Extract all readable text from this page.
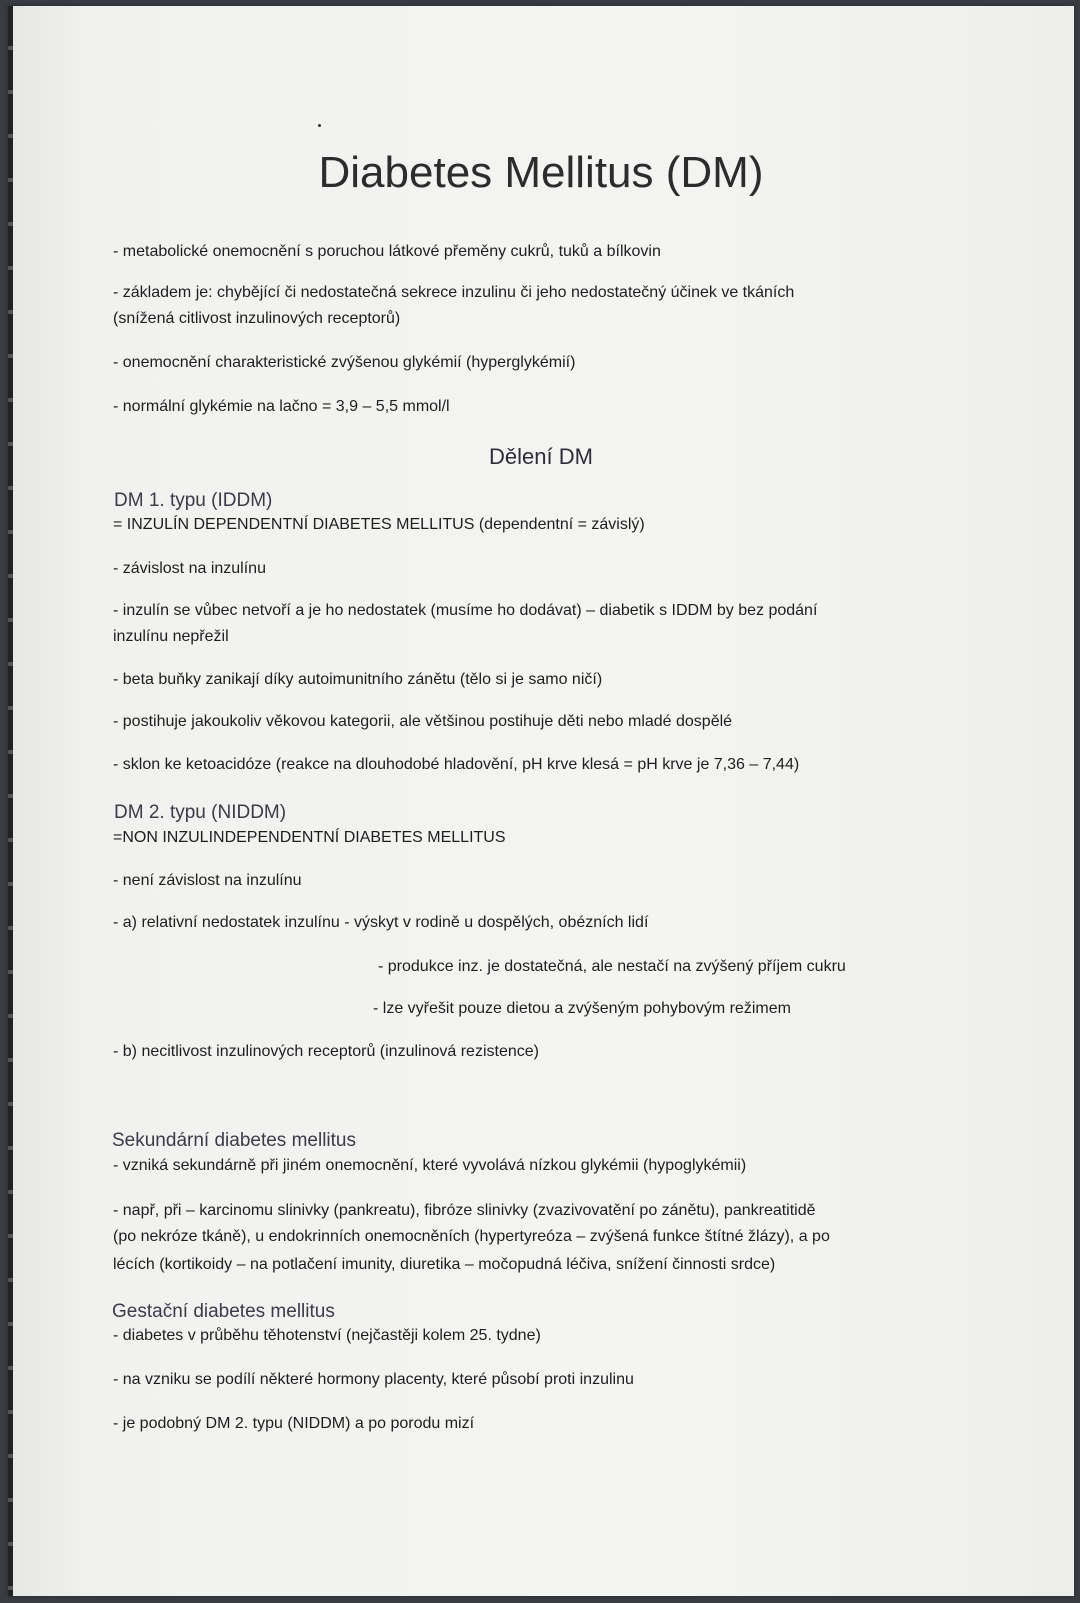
Diabetes Mellitus (DM)
- metabolické onemocnění s poruchou látkové přeměny cukrů, tuků a bílkovin
- základem je: chybějící či nedostatečná sekrece inzulinu či jeho nedostatečný účinek ve tkáních
(snížená citlivost inzulinových receptorů)
- onemocnění charakteristické zvýšenou glykémií (hyperglykémií)
- normální glykémie na lačno = 3,9 – 5,5 mmol/l
Dělení DM
DM 1. typu (IDDM)
= INZULÍN DEPENDENTNÍ DIABETES MELLITUS (dependentní = závislý)
- závislost na inzulínu
- inzulín se vůbec netvoří a je ho nedostatek (musíme ho dodávat) – diabetik s IDDM by bez podání
inzulínu nepřežil
- beta buňky zanikají díky autoimunitního zánětu (tělo si je samo ničí)
- postihuje jakoukoliv věkovou kategorii, ale většinou postihuje děti nebo mladé dospělé
- sklon ke ketoacidóze (reakce na dlouhodobé hladovění, pH krve klesá = pH krve je 7,36 – 7,44)
DM 2. typu (NIDDM)
=NON INZULINDEPENDENTNÍ DIABETES MELLITUS
- není závislost na inzulínu
- a) relativní nedostatek inzulínu - výskyt v rodině u dospělých, obézních lidí
- produkce inz. je dostatečná, ale nestačí na zvýšený příjem cukru
- lze vyřešit pouze dietou a zvýšeným pohybovým režimem
- b) necitlivost inzulinových receptorů (inzulinová rezistence)
Sekundární diabetes mellitus
- vzniká sekundárně při jiném onemocnění, které vyvolává nízkou glykémii (hypoglykémii)
- např, při – karcinomu slinivky (pankreatu), fibróze slinivky (zvazivovatění po zánětu), pankreatitidě
(po nekróze tkáně), u endokrinních onemocněních (hypertyreóza – zvýšená funkce štítné žlázy), a po
lécích (kortikoidy – na potlačení imunity, diuretika – močopudná léčiva, snížení činnosti srdce)
Gestační diabetes mellitus
- diabetes v průběhu těhotenství (nejčastěji kolem 25. tydne)
- na vzniku se podílí některé hormony placenty, které působí proti inzulinu
- je podobný DM 2. typu (NIDDM) a po porodu mizí
